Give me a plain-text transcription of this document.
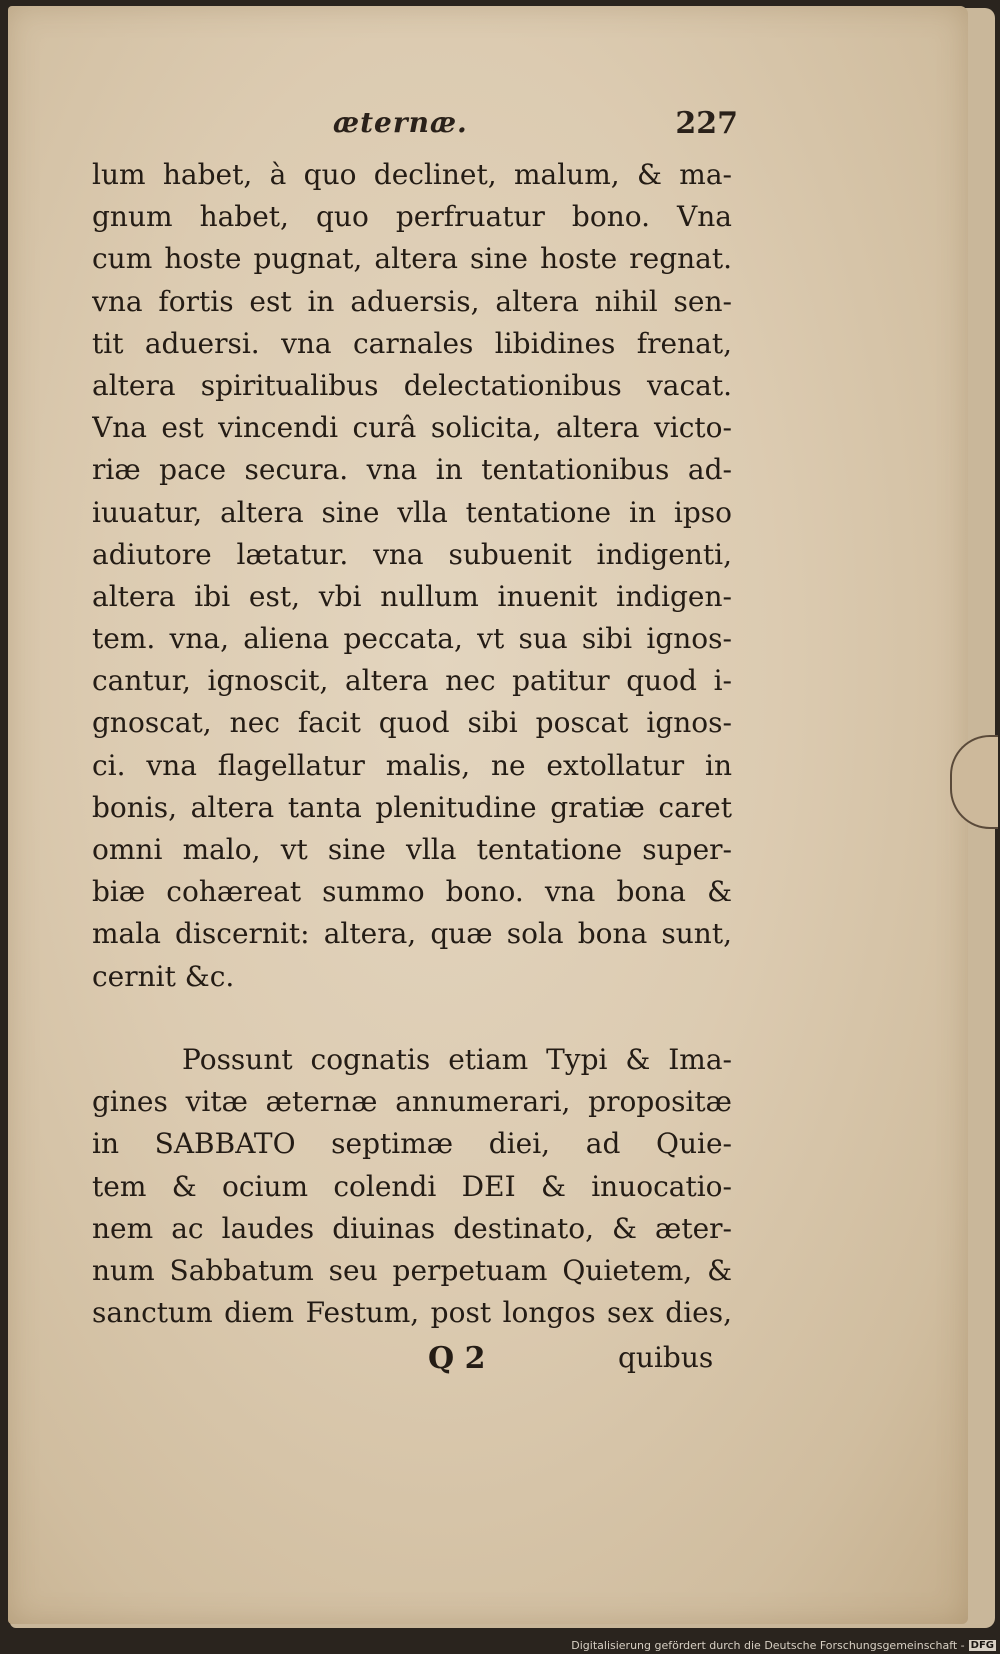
æternæ.	227
lum habet, à quo declinet, malum, & ma-
gnum habet, quo perfruatur bono. Vna
cum hoste pugnat, altera sine hoste regnat.
vna fortis est in aduersis, altera nihil sen-
tit aduersi. vna carnales libidines frenat,
altera spiritualibus delectationibus vacat.
Vna est vincendi curâ solicita, altera victo-
riæ pace secura. vna in tentationibus ad-
iuuatur, altera sine vlla tentatione in ipso
adiutore lætatur. vna subuenit indigenti,
altera ibi est, vbi nullum inuenit indigen-
tem. vna, aliena peccata, vt sua sibi ignos-
cantur, ignoscit, altera nec patitur quod i-
gnoscat, nec facit quod sibi poscat ignos-
ci. vna flagellatur malis, ne extollatur in
bonis, altera tanta plenitudine gratiæ caret
omni malo, vt sine vlla tentatione super-
biæ cohæreat summo bono. vna bona &
mala discernit: altera, quæ sola bona sunt,
cernit &c.
Possunt cognatis etiam Typi & Ima-
gines vitæ æternæ annumerari, propositæ
in SABBATO septimæ diei, ad Quie-
tem & ocium colendi DEI & inuocatio-
nem ac laudes diuinas destinato, & æter-
num Sabbatum seu perpetuam Quietem, &
sanctum diem Festum, post longos sex dies,
Q 2	quibus
Digitalisierung gefördert durch die Deutsche Forschungsgemeinschaft - DFG
